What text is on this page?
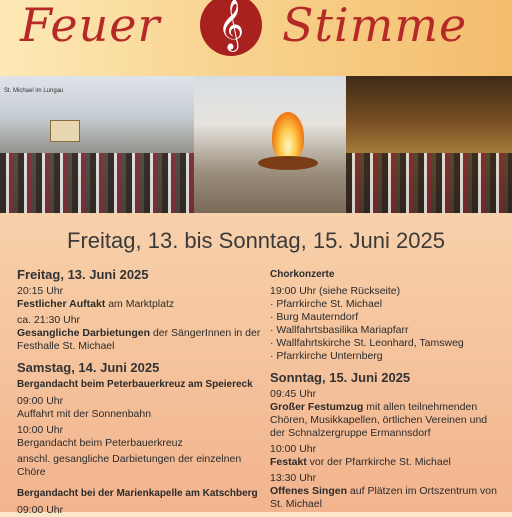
Feuer	𝄞 Stimme
Freitag, 13. bis Sonntag, 15. Juni 2025
Freitag, 13. Juni 2025
20:15 Uhr
Festlicher Auftakt am Marktplatz
ca. 21:30 Uhr
Gesangliche Darbietungen der SängerInnen in der Festhalle St. Michael
Samstag, 14. Juni 2025
Bergandacht beim Peterbauerkreuz am Speiereck
09:00 Uhr
Auffahrt mit der Sonnenbahn
10:00 Uhr
Bergandacht beim Peterbauerkreuz
anschl. gesangliche Darbietungen der einzelnen Chöre
Bergandacht bei der Marienkapelle am Katschberg
09:00 Uhr
Chorkonzerte
19:00 Uhr (siehe Rückseite)
· Pfarrkirche St. Michael
· Burg Mauterndorf
· Wallfahrtsbasilika Mariapfarr
· Wallfahrtskirche St. Leonhard, Tamsweg
· Pfarrkirche Unternberg
Sonntag, 15. Juni 2025
09:45 Uhr
Großer Festumzug mit allen teilnehmenden Chören, Musikkapellen, örtlichen Vereinen und der Schnalzergruppe Ermannsdorf
10:00 Uhr
Festakt vor der Pfarrkirche St. Michael
13:30 Uhr
Offenes Singen auf Plätzen im Ortszentrum von St. Michael
St. Michael im Lungau
